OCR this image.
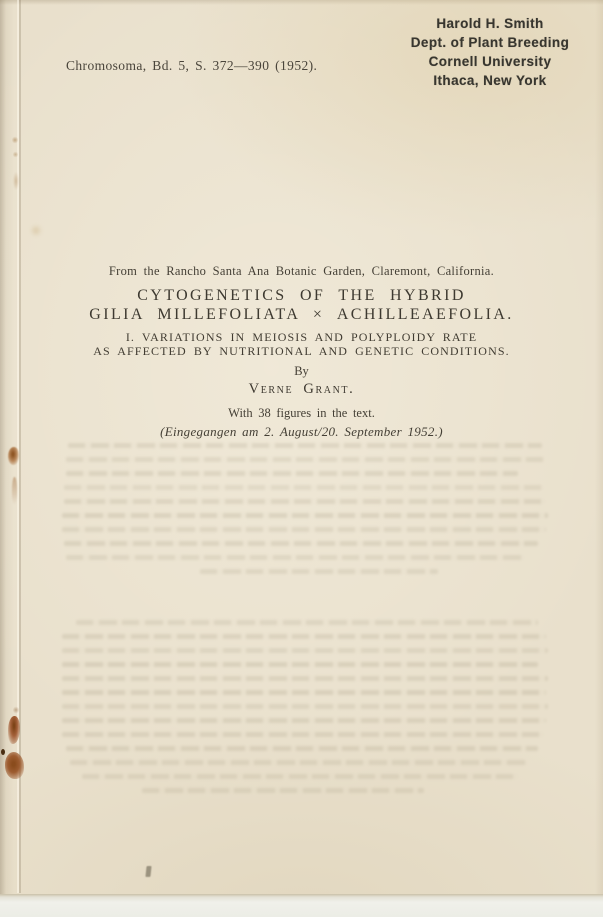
Chromosoma, Bd. 5, S. 372—390 (1952).
Harold H. Smith
Dept. of Plant Breeding
Cornell University
Ithaca, New York
From the Rancho Santa Ana Botanic Garden, Claremont, California.
CYTOGENETICS OF THE HYBRID
GILIA MILLEFOLIATA × ACHILLEAEFOLIA.
I. VARIATIONS IN MEIOSIS AND POLYPLOIDY RATE
AS AFFECTED BY NUTRITIONAL AND GENETIC CONDITIONS.
By
Verne Grant.
With 38 figures in the text.
(Eingegangen am 2. August/20. September 1952.)
